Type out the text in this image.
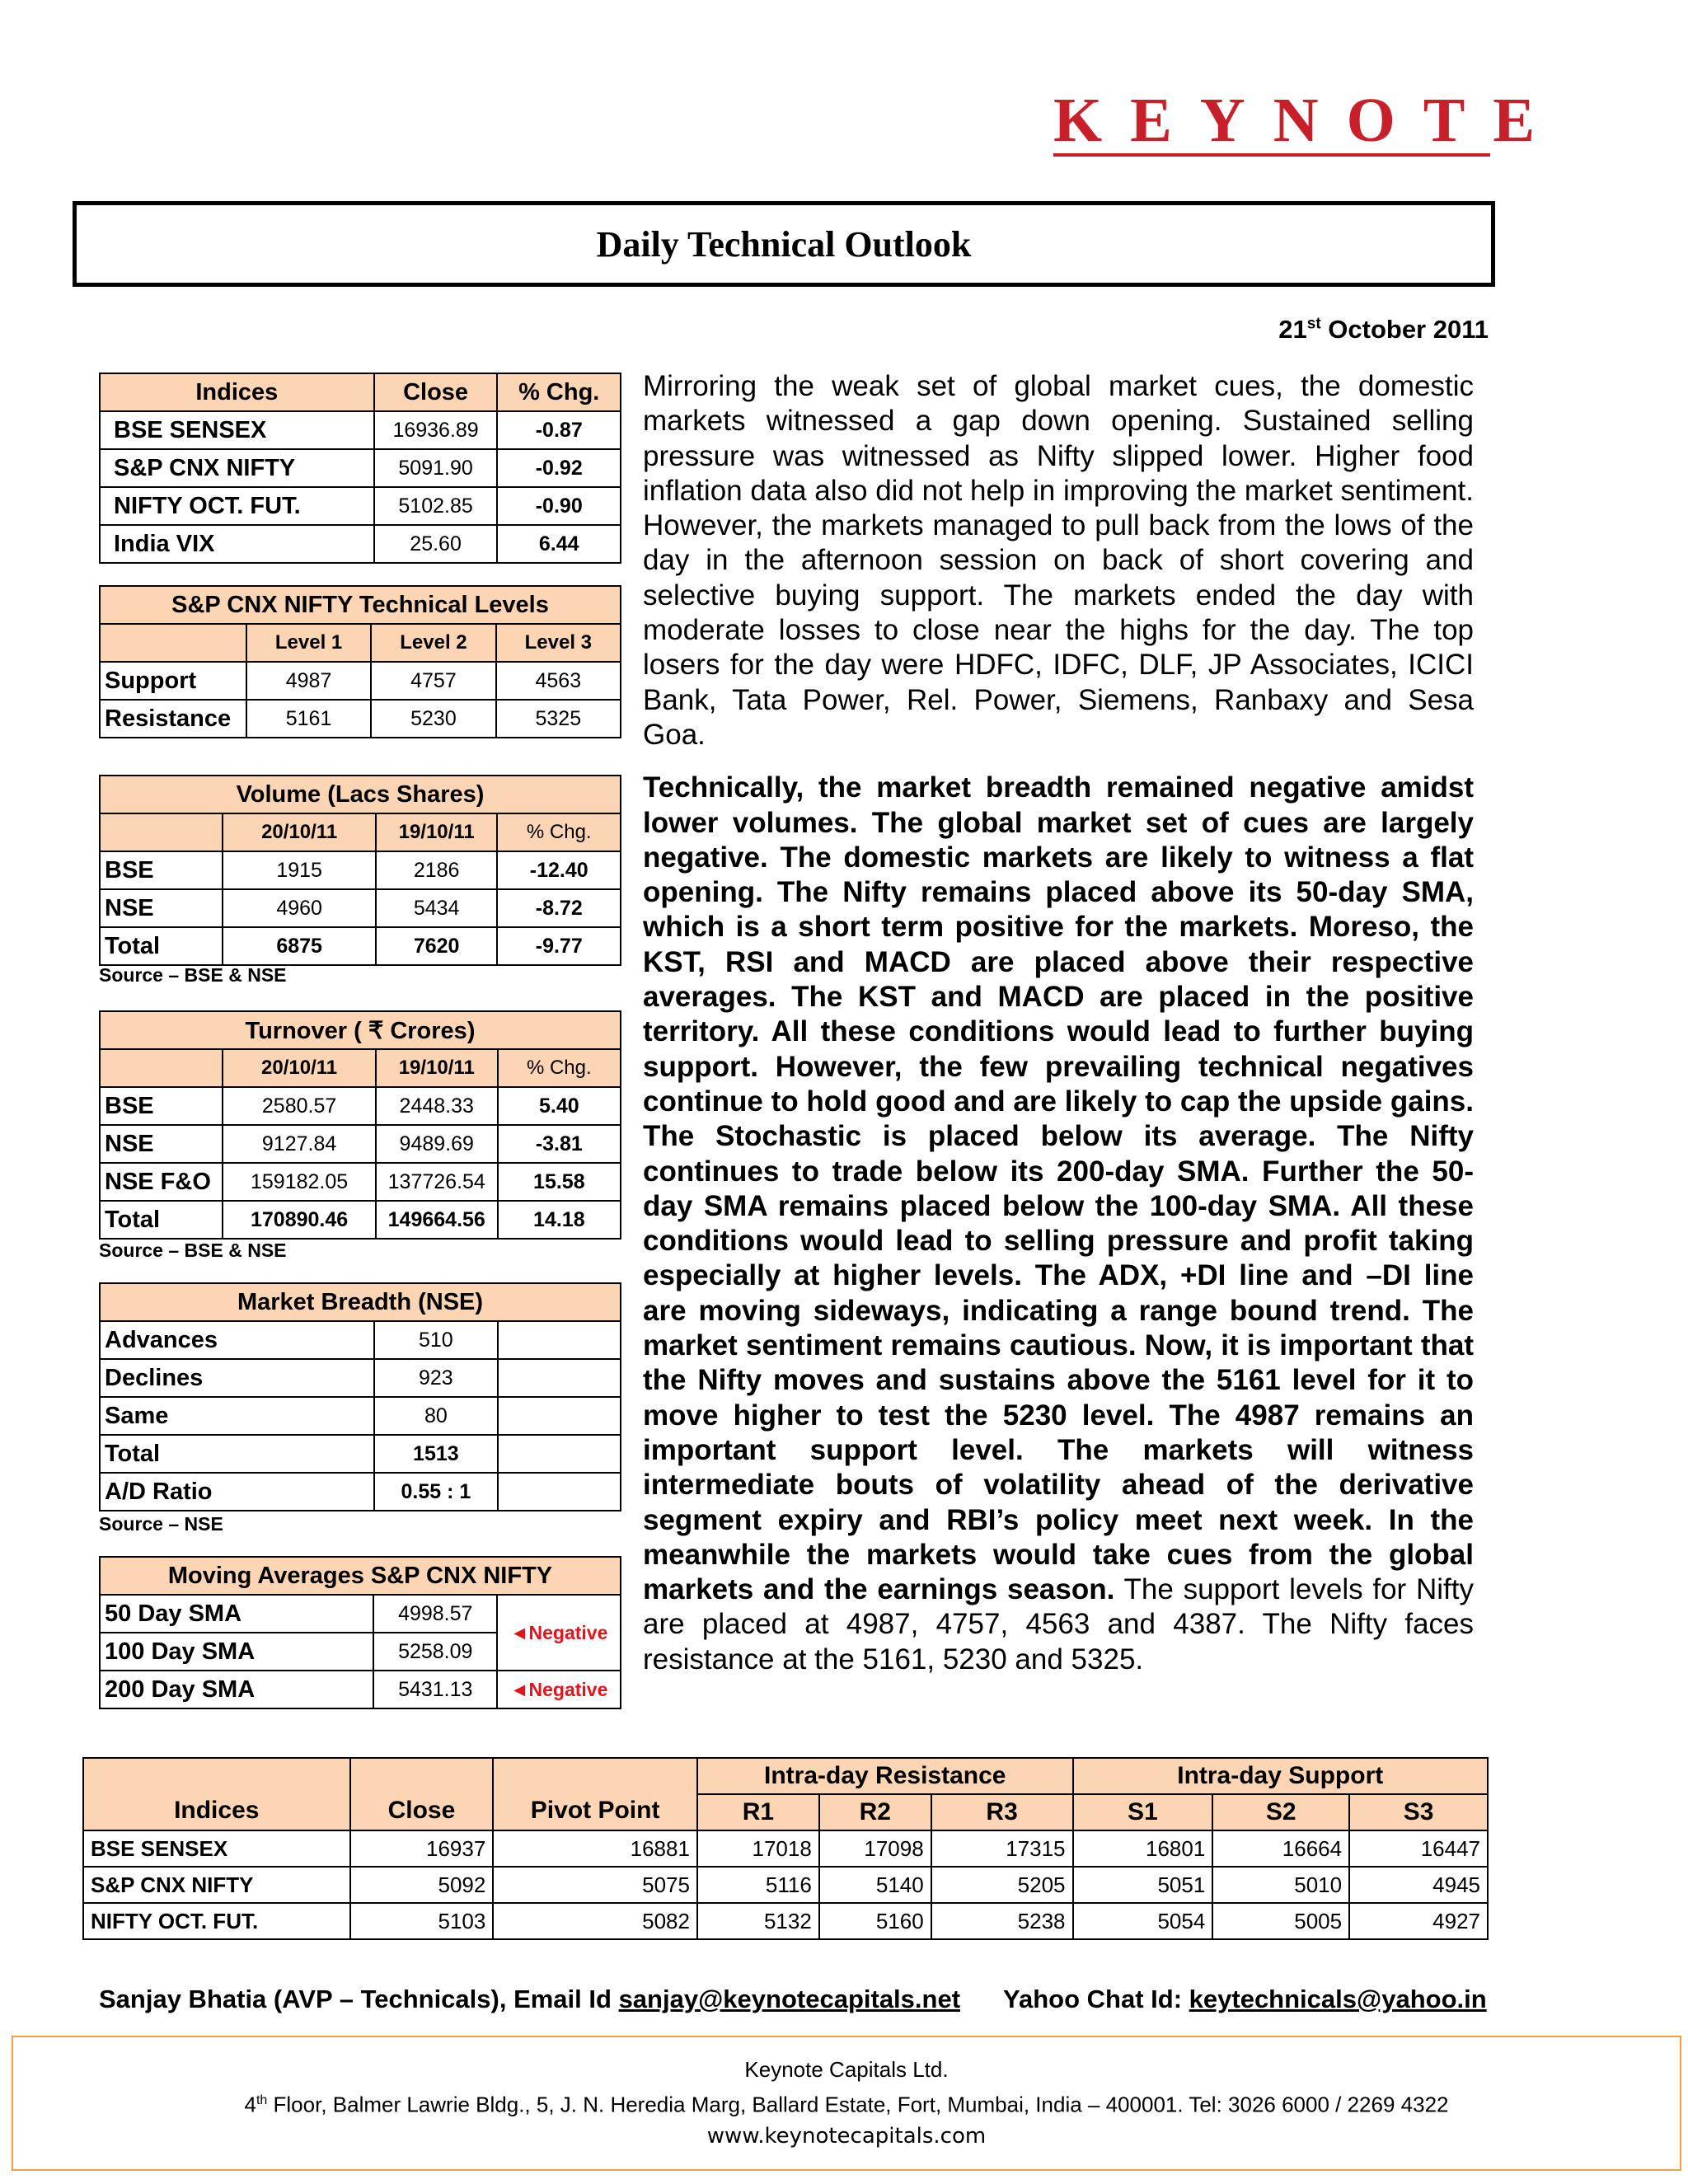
KEYNOTE
Daily Technical Outlook
21st October 2011
Indices	Close	% Chg.
BSE SENSEX	16936.89	-0.87
S&P CNX NIFTY	5091.90	-0.92
NIFTY OCT. FUT.	5102.85	-0.90
India VIX	25.60	6.44
S&P CNX NIFTY Technical Levels			
	Level 1	Level 2	Level 3
Support	4987	4757	4563
Resistance	5161	5230	5325
Volume (Lacs Shares)			
	20/10/11	19/10/11	% Chg.
BSE	1915	2186	-12.40
NSE	4960	5434	-8.72
Total	6875	7620	-9.77
Source – BSE & NSE
Turnover ( ₹ Crores)			
	20/10/11	19/10/11	% Chg.
BSE	2580.57	2448.33	5.40
NSE	9127.84	9489.69	-3.81
NSE F&O	159182.05	137726.54	15.58
Total	170890.46	149664.56	14.18
Source – BSE & NSE
Market Breadth (NSE)		
Advances	510	
Declines	923	
Same	80	
Total	1513	
A/D Ratio	0.55 : 1	
Source – NSE
Moving Averages S&P CNX NIFTY		
50 Day SMA	4998.57	◄Negative
100 Day SMA	5258.09	
200 Day SMA	5431.13	◄Negative

Mirroring the weak set of global market cues, the domestic markets witnessed a gap down opening. Sustained selling pressure was witnessed as Nifty slipped lower. Higher food inflation data also did not help in improving the market sentiment. However, the markets managed to pull back from the lows of the day in the afternoon session on back of short covering and selective buying support. The markets ended the day with moderate losses to close near the highs for the day. The top losers for the day were HDFC, IDFC, DLF, JP Associates, ICICI Bank, Tata Power, Rel. Power, Siemens, Ranbaxy and Sesa Goa.

Technically, the market breadth remained negative amidst lower volumes. The global market set of cues are largely negative. The domestic markets are likely to witness a flat opening. The Nifty remains placed above its 50-day SMA, which is a short term positive for the markets. Moreso, the KST, RSI and MACD are placed above their respective averages. The KST and MACD are placed in the positive territory. All these conditions would lead to further buying support. However, the few prevailing technical negatives continue to hold good and are likely to cap the upside gains. The Stochastic is placed below its average. The Nifty continues to trade below its 200-day SMA. Further the 50-day SMA remains placed below the 100-day SMA. All these conditions would lead to selling pressure and profit taking especially at higher levels. The ADX, +DI line and –DI line are moving sideways, indicating a range bound trend. The market sentiment remains cautious. Now, it is important that the Nifty moves and sustains above the 5161 level for it to move higher to test the 5230 level. The 4987 remains an important support level. The markets will witness intermediate bouts of volatility ahead of the derivative segment expiry and RBI’s policy meet next week. In the meanwhile the markets would take cues from the global markets and the earnings season. The support levels for Nifty are placed at 4987, 4757, 4563 and 4387. The Nifty faces resistance at the 5161, 5230 and 5325.

Indices	Close	Pivot Point	Intra-day Resistance			Intra-day Support		
			R1	R2	R3	S1	S2	S3
BSE SENSEX	16937	16881	17018	17098	17315	16801	16664	16447
S&P CNX NIFTY	5092	5075	5116	5140	5205	5051	5010	4945
NIFTY OCT. FUT.	5103	5082	5132	5160	5238	5054	5005	4927
Sanjay Bhatia (AVP – Technicals), Email Id sanjay@keynotecapitals.net Yahoo Chat Id: keytechnicals@yahoo.in
Keynote Capitals Ltd.
4th Floor, Balmer Lawrie Bldg., 5, J. N. Heredia Marg, Ballard Estate, Fort, Mumbai, India – 400001. Tel: 3026 6000 / 2269 4322
www.keynotecapitals.com
